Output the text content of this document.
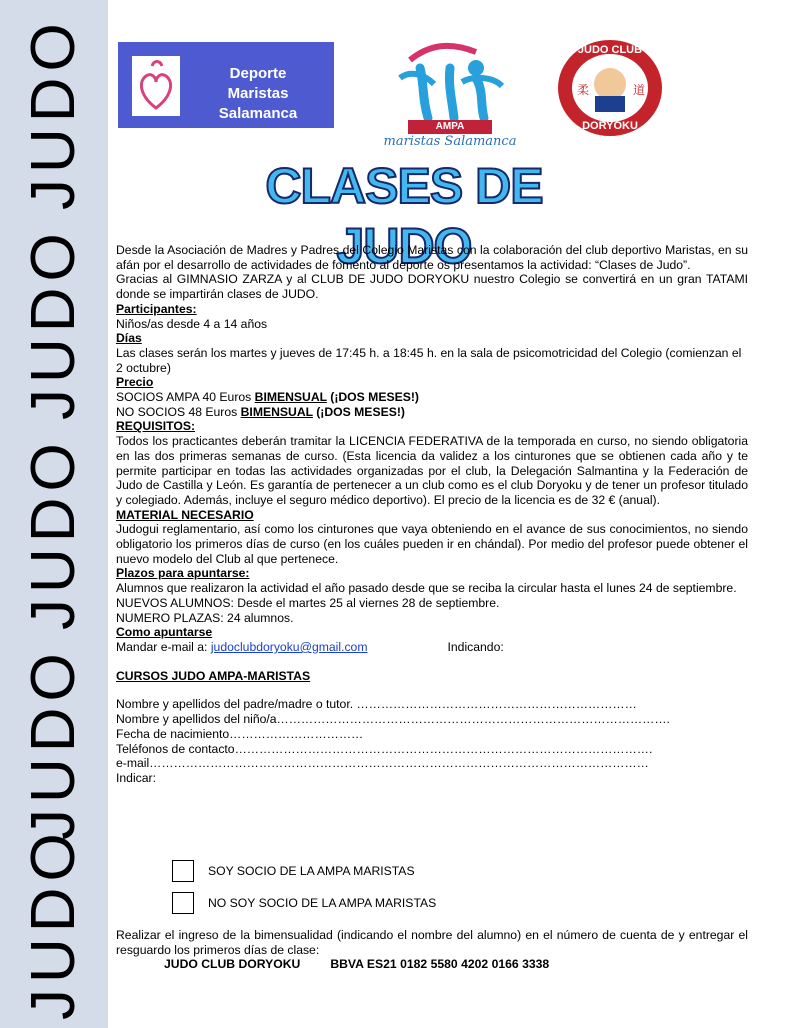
JUDO
JUDO
JUDO
JUDO
JUDO
Deporte
Maristas Salamanca
AMPA
maristas Salamanca
柔	道
JUDO CLUB
DORYOKU
CLASES DE JUDO

Desde la Asociación de Madres y Padres del Colegio Maristas con la colaboración del club deportivo Maristas, en su afán por el desarrollo de actividades de fomento al deporte os presentamos la actividad: “Clases de Judo”.

Gracias al GIMNASIO ZARZA y al CLUB DE JUDO DORYOKU nuestro Colegio se convertirá en un gran TATAMI donde se impartirán clases de JUDO.

Participantes:

Niños/as desde 4 a 14 años

Días

Las clases serán los martes y jueves de 17:45 h. a 18:45 h. en la sala de psicomotricidad del Colegio (comienzan el 2 octubre)

Precio

SOCIOS AMPA 40 Euros BIMENSUAL (¡DOS MESES!)

NO SOCIOS 48 Euros BIMENSUAL (¡DOS MESES!)

REQUISITOS:

Todos los practicantes deberán tramitar la LICENCIA FEDERATIVA de la temporada en curso, no siendo obligatoria en las dos primeras semanas de curso. (Esta licencia da validez a los cinturones que se obtienen cada año y te permite participar en todas las actividades organizadas por el club, la Delegación Salmantina y la Federación de Judo de Castilla y León. Es garantía de pertenecer a un club como es el club Doryoku y de tener un profesor titulado y colegiado. Además, incluye el seguro médico deportivo). El precio de la licencia es de 32 € (anual).

MATERIAL NECESARIO

Judogui reglamentario, así como los cinturones que vaya obteniendo en el avance de sus conocimientos, no siendo obligatorio los primeros días de curso (en los cuáles pueden ir en chándal). Por medio del profesor puede obtener el nuevo modelo del Club al que pertenece.

Plazos para apuntarse:

Alumnos que realizaron la actividad el año pasado desde que se reciba la circular hasta el lunes 24 de septiembre.

NUEVOS ALUMNOS: Desde el martes 25 al viernes 28 de septiembre.

NUMERO PLAZAS: 24 alumnos.

Como apuntarse

Mandar e-mail a: judoclubdoryoku@gmail.com	Indicando:

CURSOS JUDO AMPA-MARISTAS

Nombre y apellidos del padre/madre o tutor. ……………………………………………………………

Nombre y apellidos del niño/a…………………………………………………………………………………….

Fecha de nacimiento……………………………

Teléfonos de contacto………………………………………………………………………………………….

e-mail……………………………………………………………………………………………………………

Indicar:

SOY SOCIO DE LA AMPA MARISTAS
NO SOY SOCIO DE LA AMPA MARISTAS

Realizar el ingreso de la bimensualidad (indicando el nombre del alumno) en el número de cuenta de y entregar el resguardo los primeros días de clase:

JUDO CLUB DORYOKU BBVA ES21 0182 5580 4202 0166 3338
